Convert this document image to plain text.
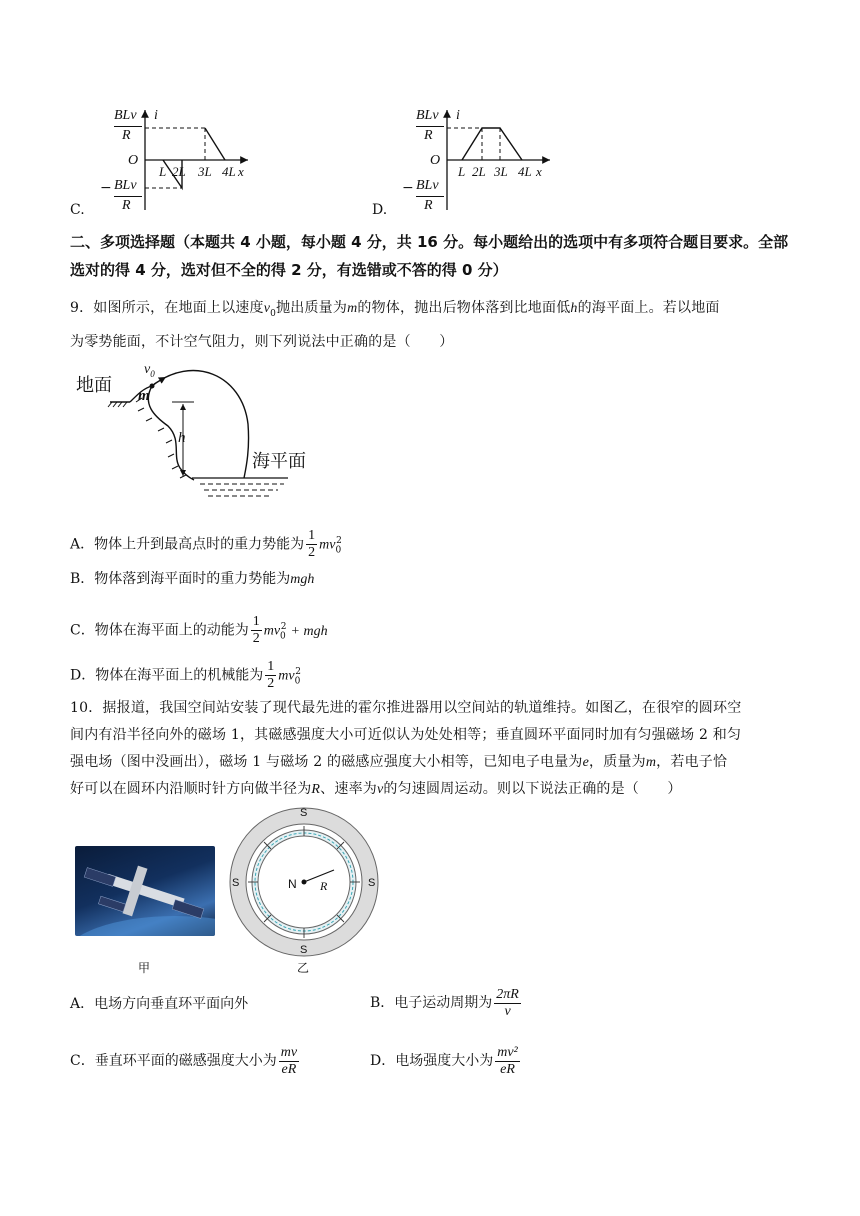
BLv
R
i
O
L 2L 3L 4L x
− BLv
R
C.
BLv
R
i
O
L 2L 3L 4L x
− BLv
R
D.
二、多项选择题（本题共 4 小题，每小题 4 分，共 16 分。每小题给出的选项中有多项符合题目要求。全部选对的得 4 分，选对但不全的得 2 分，有选错或不答的得 0 分）
9．如图所示，在地面上以速度$v_0$抛出质量为m的物体，抛出后物体落到比地面低h的海平面上。若以地面
为零势能面，不计空气阻力，则下列说法中正确的是（　　）
地面 m
$v_0$
h
海平面
A．物体上升到最高点时的重力势能为 $\frac{1}{2} mv_0^2$
B．物体落到海平面时的重力势能为mgh
C．物体在海平面上的动能为 $\frac{1}{2} mv_0^2$ + mgh
D．物体在海平面上的机械能为 $\frac{1}{2} mv_0^2$
10．据报道，我国空间站安装了现代最先进的霍尔推进器用以空间站的轨道维持。如图乙，在很窄的圆环空
间内有沿半径向外的磁场 1，其磁感强度大小可近似认为处处相等；垂直圆环平面同时加有匀强磁场 2 和匀
强电场（图中没画出），磁场 1 与磁场 2 的磁感应强度大小相等，已知电子电量为e，质量为m，若电子恰
好可以在圆环内沿顺时针方向做半径为R、速率为v的匀速圆周运动。则以下说法正确的是（　　）
甲
S
S
S	S
N R
乙
A．电场方向垂直环平面向外	B．电子运动周期为 $\frac{2\pi R}{v}$
C．垂直环平面的磁感强度大小为 $\frac{mv}{eR}$	D．电场强度大小为 $\frac{\text{mv²}}{eR}$
